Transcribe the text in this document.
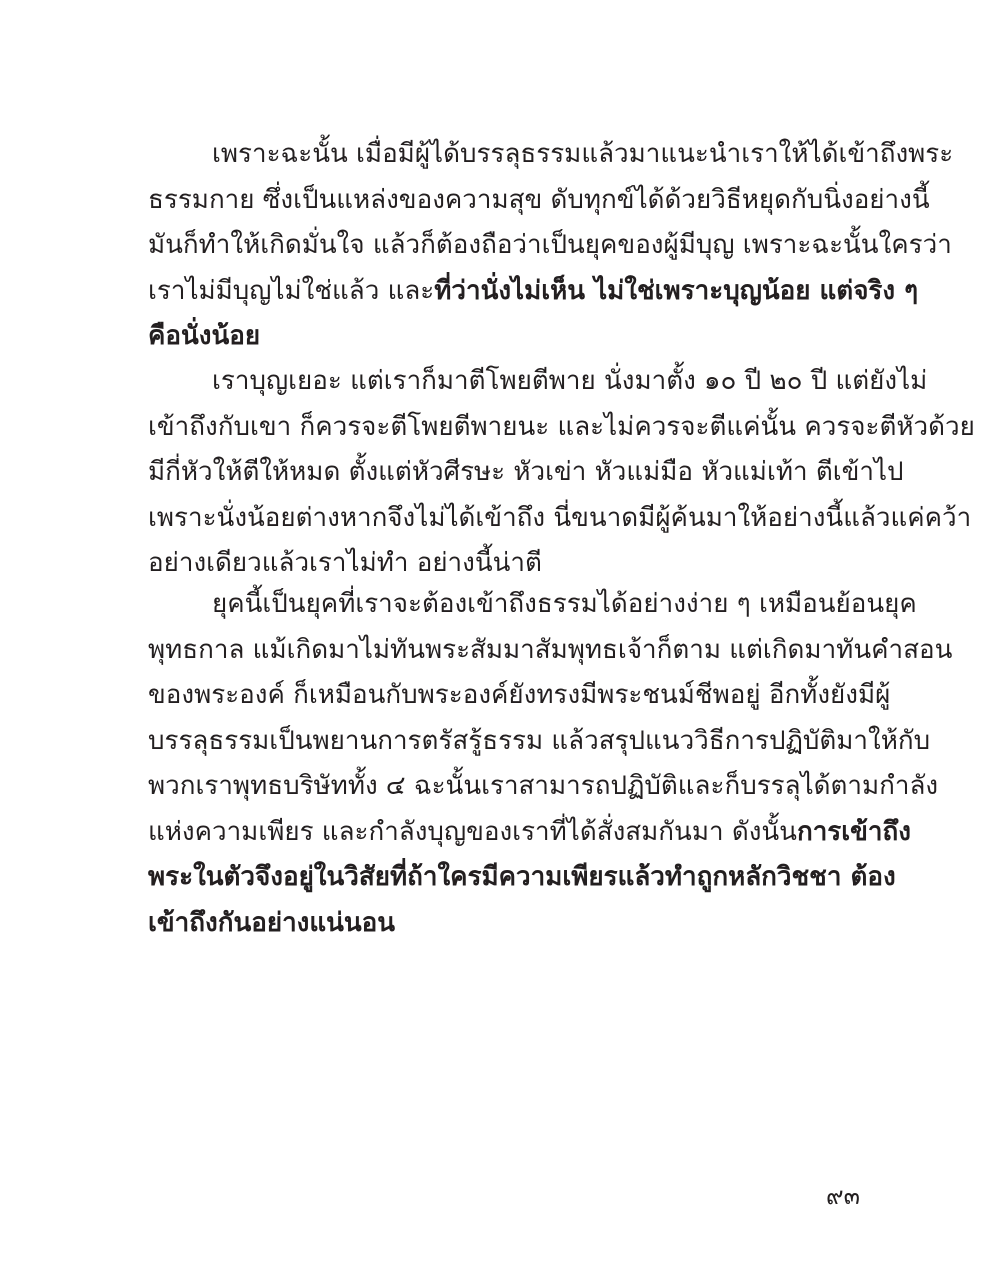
เพราะฉะนั้น เมื่อมีผู้ได้บรรลุธรรมแล้วมาแนะนำเราให้ได้เข้าถึงพระ
ธรรมกาย ซึ่งเป็นแหล่งของความสุข ดับทุกข์ได้ด้วยวิธีหยุดกับนิ่งอย่างนี้
มันก็ทำให้เกิดมั่นใจ แล้วก็ต้องถือว่าเป็นยุคของผู้มีบุญ เพราะฉะนั้นใครว่า
เราไม่มีบุญไม่ใช่แล้ว และที่ว่านั่งไม่เห็น ไม่ใช่เพราะบุญน้อย แต่จริง ๆ
คือนั่งน้อย
เราบุญเยอะ แต่เราก็มาตีโพยตีพาย นั่งมาตั้ง ๑๐ ปี ๒๐ ปี แต่ยังไม่
เข้าถึงกับเขา ก็ควรจะตีโพยตีพายนะ และไม่ควรจะตีแค่นั้น ควรจะตีหัวด้วย
มีกี่หัวให้ตีให้หมด ตั้งแต่หัวศีรษะ หัวเข่า หัวแม่มือ หัวแม่เท้า ตีเข้าไป
เพราะนั่งน้อยต่างหากจึงไม่ได้เข้าถึง นี่ขนาดมีผู้ค้นมาให้อย่างนี้แล้วแค่คว้า
อย่างเดียวแล้วเราไม่ทำ อย่างนี้น่าตี
ยุคนี้เป็นยุคที่เราจะต้องเข้าถึงธรรมได้อย่างง่าย ๆ เหมือนย้อนยุค
พุทธกาล แม้เกิดมาไม่ทันพระสัมมาสัมพุทธเจ้าก็ตาม แต่เกิดมาทันคำสอน
ของพระองค์ ก็เหมือนกับพระองค์ยังทรงมีพระชนม์ชีพอยู่ อีกทั้งยังมีผู้
บรรลุธรรมเป็นพยานการตรัสรู้ธรรม แล้วสรุปแนววิธีการปฏิบัติมาให้กับ
พวกเราพุทธบริษัททั้ง ๔ ฉะนั้นเราสามารถปฏิบัติและก็บรรลุได้ตามกำลัง
แห่งความเพียร และกำลังบุญของเราที่ได้สั่งสมกันมา ดังนั้นการเข้าถึง
พระในตัวจึงอยู่ในวิสัยที่ถ้าใครมีความเพียรแล้วทำถูกหลักวิชชา ต้อง
เข้าถึงกันอย่างแน่นอน
๙๓
